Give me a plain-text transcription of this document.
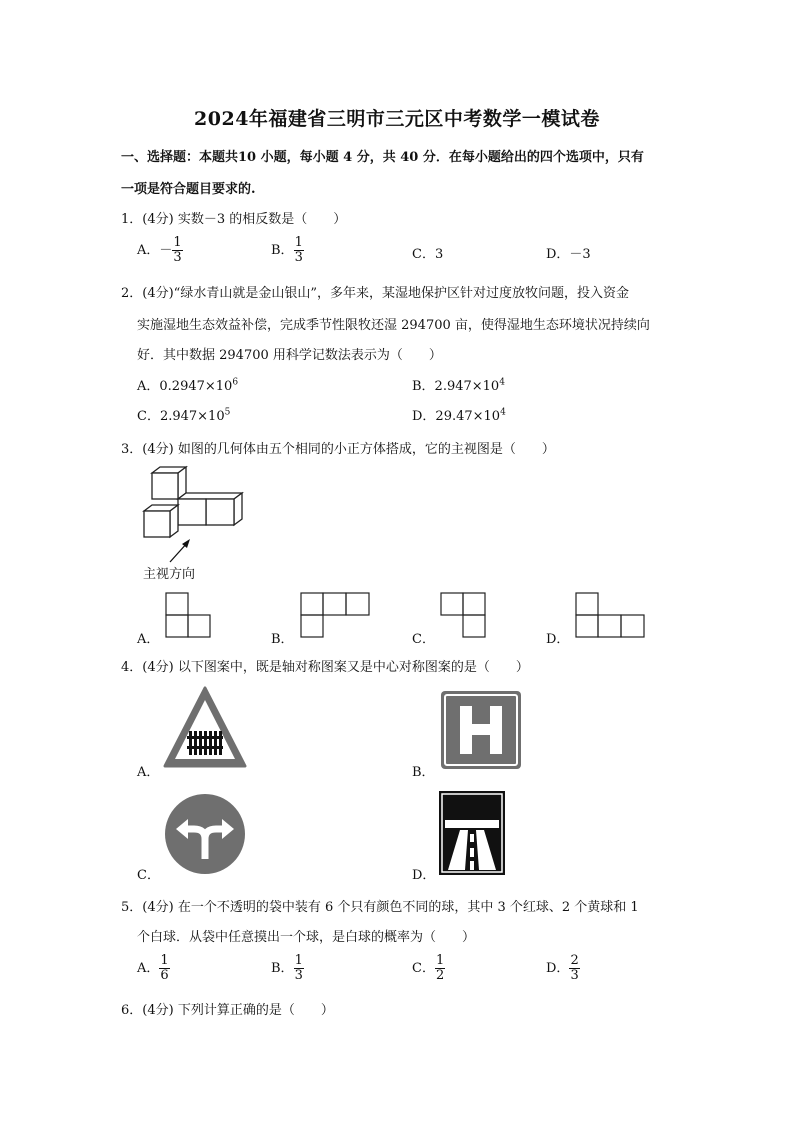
2024年福建省三明市三元区中考数学一模试卷
一、选择题：本题共10 小题，每小题 4 分，共 40 分．在每小题给出的四个选项中，只有
一项是符合题目要求的.
1．(4分) 实数－3 的相反数是（　　）
A．－ $\frac{1}{3}$	B． $\frac{1}{3}$	C．3	D．－3
2．(4分)“绿水青山就是金山银山”，多年来，某湿地保护区针对过度放牧问题，投入资金
实施湿地生态效益补偿，完成季节性限牧还湿 294700 亩，使得湿地生态环境状况持续向
好．其中数据 294700 用科学记数法表示为（　　）
A．$0.2947\times 10^6$	B．$2.947\times 10^4$
C．$2.947\times 10^5$	D．$29.47\times 10^4$
3．(4分) 如图的几何体由五个相同的小正方体搭成，它的主视图是（　　）
主视方向
A．	B．	C．	D．
4．(4分) 以下图案中，既是轴对称图案又是中心对称图案的是（　　）
A．	B．
C．	D．
5．(4分) 在一个不透明的袋中装有 6 个只有颜色不同的球，其中 3 个红球、2 个黄球和 1
个白球．从袋中任意摸出一个球，是白球的概率为（　　）
A． $\frac{1}{6}$	B． $\frac{1}{3}$	C． $\frac{1}{2}$	D． $\frac{2}{3}$
6．(4分) 下列计算正确的是（　　）
